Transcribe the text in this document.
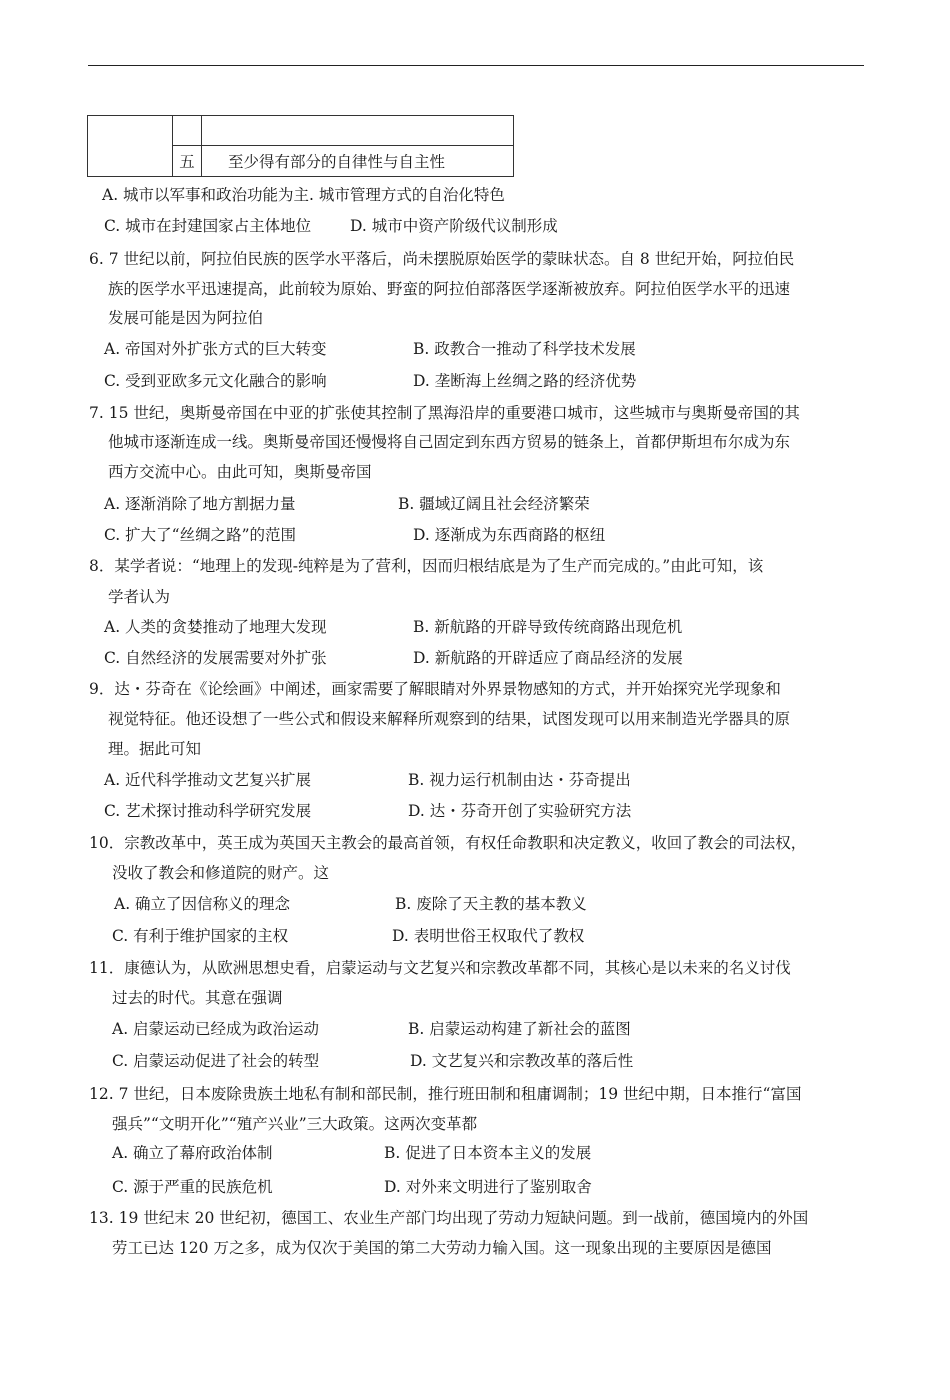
	五	至少得有部分的自律性与自主性
A. 城市以军事和政治功能为主. 城市管理方式的自治化特色
C. 城市在封建国家占主体地位	D. 城市中资产阶级代议制形成
6. 7 世纪以前，阿拉伯民族的医学水平落后，尚未摆脱原始医学的蒙昧状态。自 8 世纪开始，阿拉伯民
族的医学水平迅速提高，此前较为原始、野蛮的阿拉伯部落医学逐渐被放弃。阿拉伯医学水平的迅速
发展可能是因为阿拉伯
A. 帝国对外扩张方式的巨大转变	B. 政教合一推动了科学技术发展
C. 受到亚欧多元文化融合的影响	D. 垄断海上丝绸之路的经济优势
7. 15 世纪，奥斯曼帝国在中亚的扩张使其控制了黑海沿岸的重要港口城市，这些城市与奥斯曼帝国的其
他城市逐渐连成一线。奥斯曼帝国还慢慢将自己固定到东西方贸易的链条上，首都伊斯坦布尔成为东
西方交流中心。由此可知，奥斯曼帝国
A. 逐渐消除了地方割据力量	B. 疆域辽阔且社会经济繁荣
C. 扩大了“丝绸之路”的范围	D. 逐渐成为东西商路的枢纽
8．某学者说：“地理上的发现-纯粹是为了营利，因而归根结底是为了生产而完成的。”由此可知，该
学者认为
A. 人类的贪婪推动了地理大发现	B. 新航路的开辟导致传统商路出现危机
C. 自然经济的发展需要对外扩张	D. 新航路的开辟适应了商品经济的发展
9．达・芬奇在《论绘画》中阐述，画家需要了解眼睛对外界景物感知的方式，并开始探究光学现象和
视觉特征。他还设想了一些公式和假设来解释所观察到的结果，试图发现可以用来制造光学器具的原
理。据此可知
A. 近代科学推动文艺复兴扩展	B. 视力运行机制由达・芬奇提出
C. 艺术探讨推动科学研究发展	D. 达・芬奇开创了实验研究方法
10．宗教改革中，英王成为英国天主教会的最高首领，有权任命教职和决定教义，收回了教会的司法权，
没收了教会和修道院的财产。这
A. 确立了因信称义的理念	B. 废除了天主教的基本教义
C. 有利于维护国家的主权	D. 表明世俗王权取代了教权
11．康德认为，从欧洲思想史看，启蒙运动与文艺复兴和宗教改革都不同，其核心是以未来的名义讨伐
过去的时代。其意在强调
A. 启蒙运动已经成为政治运动	B. 启蒙运动构建了新社会的蓝图
C. 启蒙运动促进了社会的转型	D. 文艺复兴和宗教改革的落后性
12. 7 世纪，日本废除贵族土地私有制和部民制，推行班田制和租庸调制；19 世纪中期，日本推行“富国
强兵”“文明开化”“殖产兴业”三大政策。这两次变革都
A. 确立了幕府政治体制	B. 促进了日本资本主义的发展
C. 源于严重的民族危机	D. 对外来文明进行了鉴别取舍
13. 19 世纪末 20 世纪初，德国工、农业生产部门均出现了劳动力短缺问题。到一战前，德国境内的外国
劳工已达 120 万之多，成为仅次于美国的第二大劳动力输入国。这一现象出现的主要原因是德国
